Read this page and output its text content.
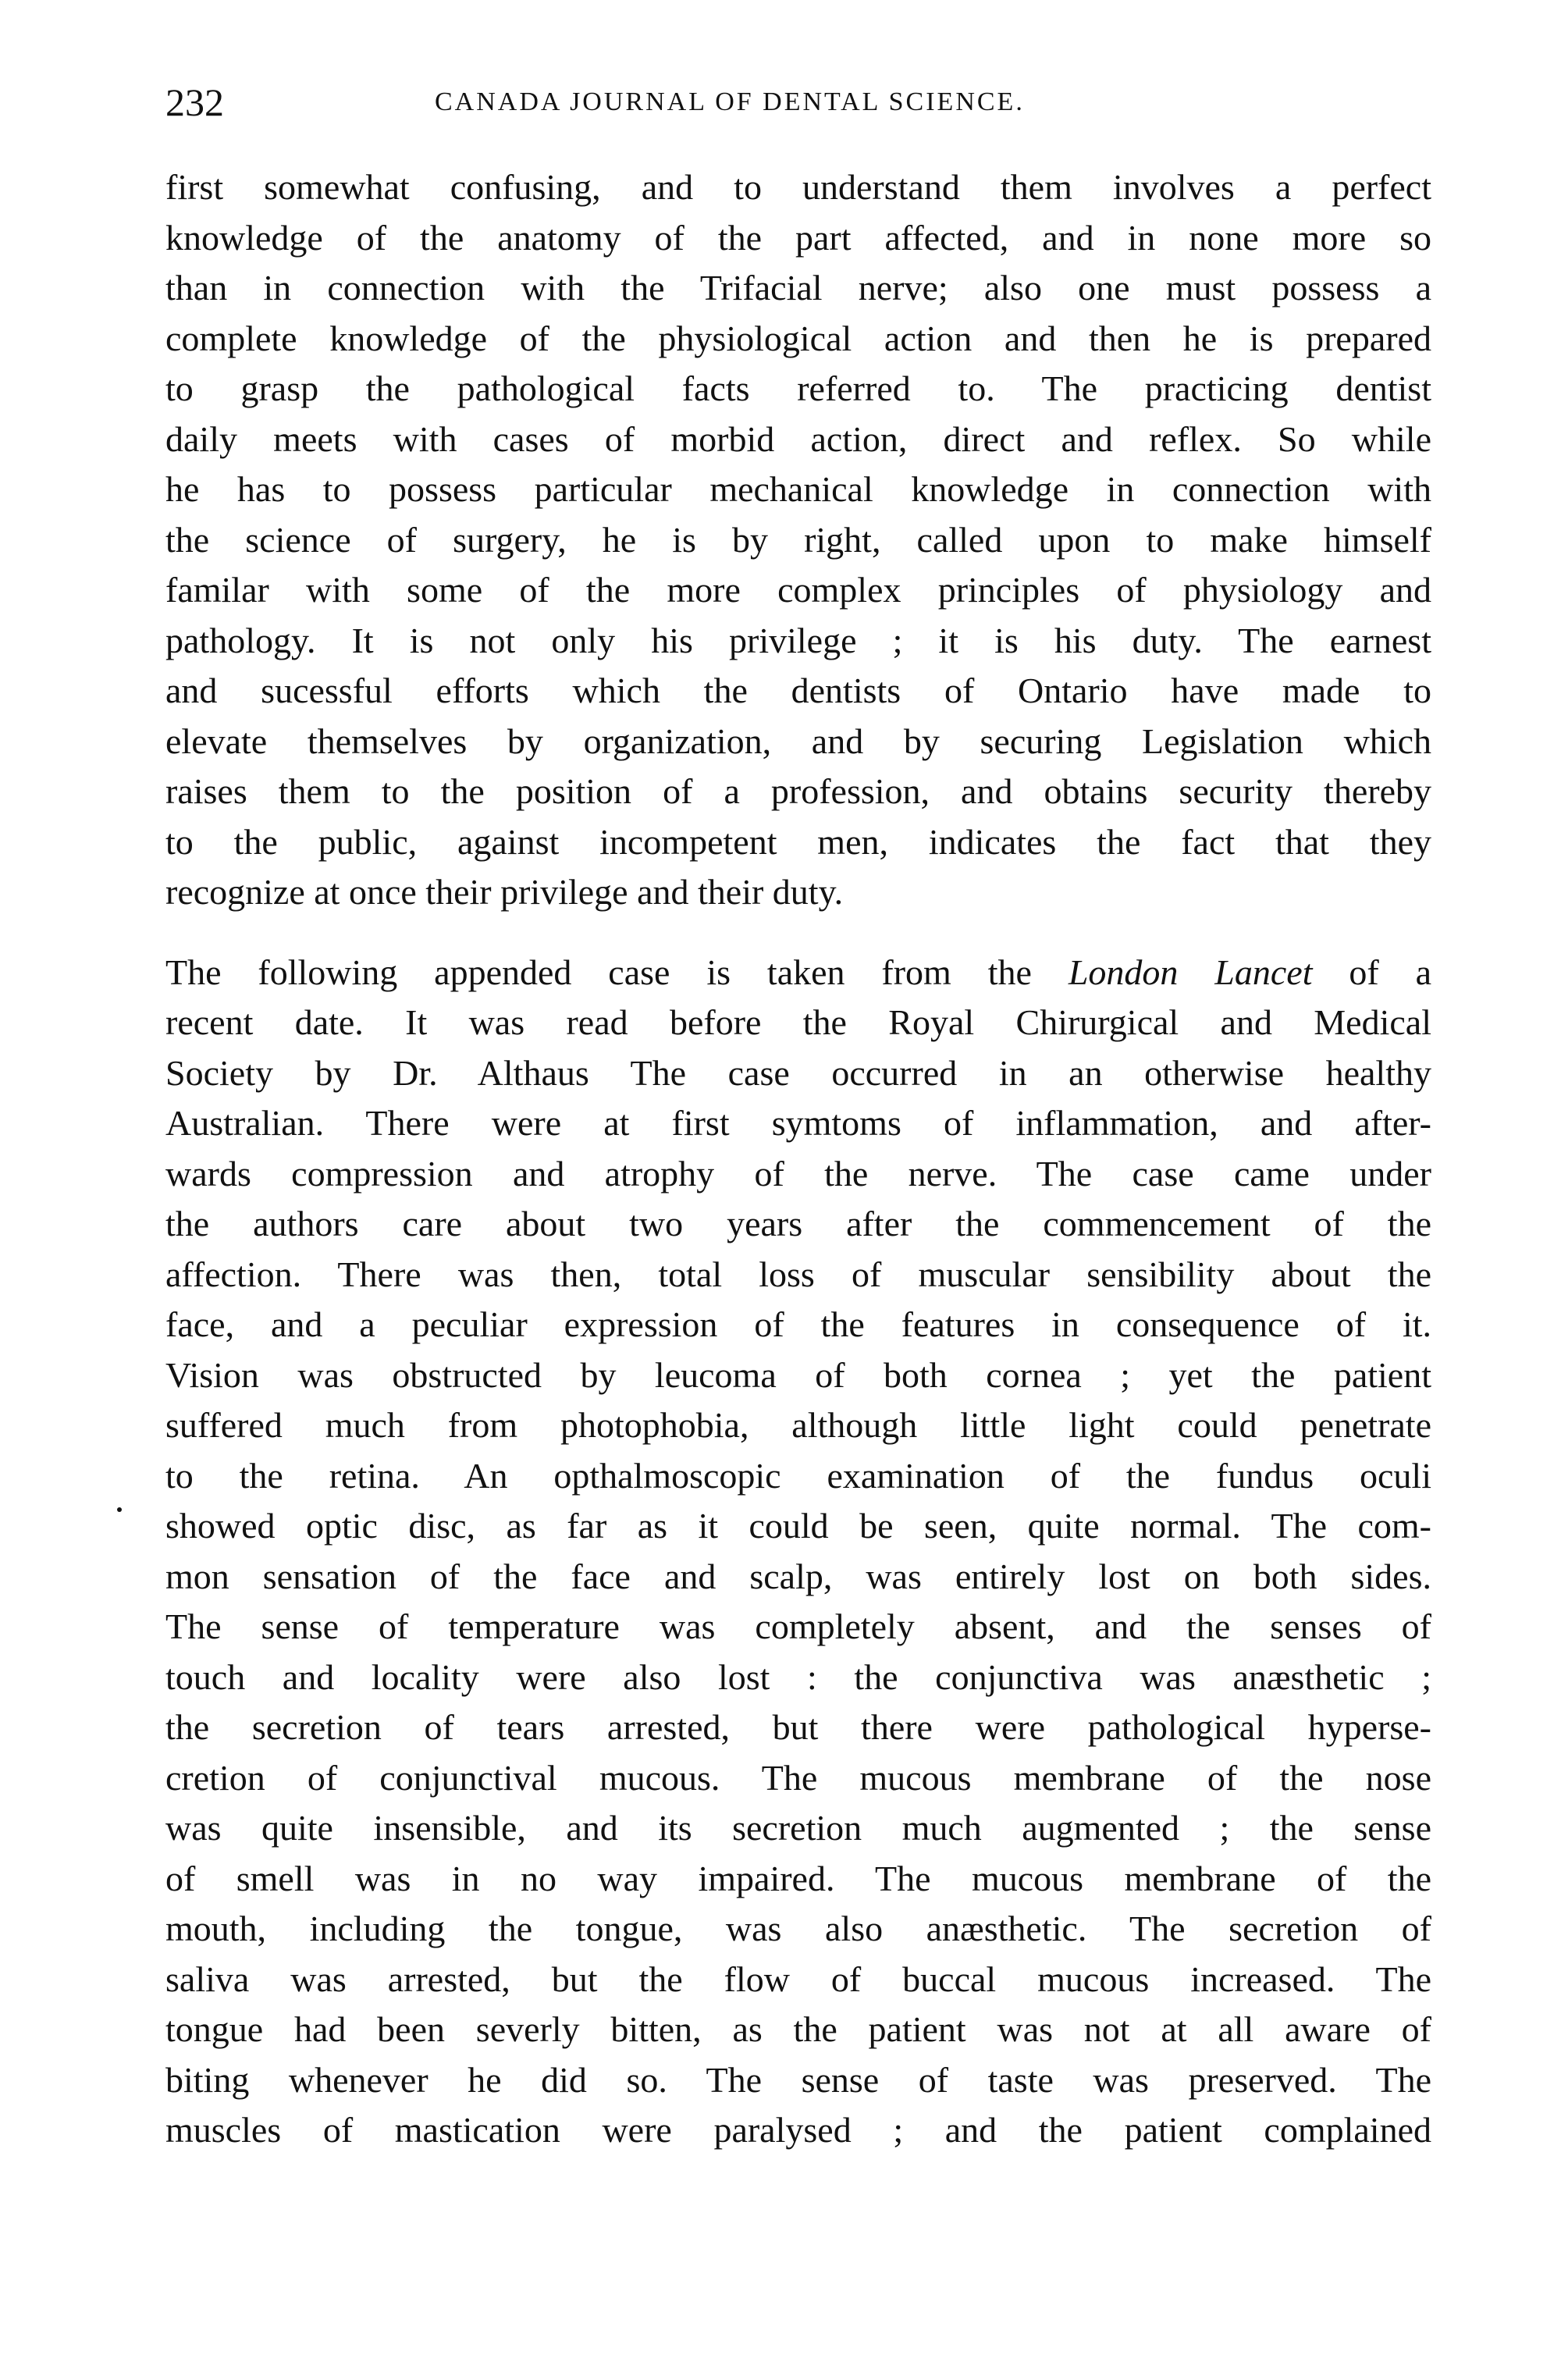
232	CANADA JOURNAL OF DENTAL SCIENCE.

first somewhat confusing, and to understand them involves a perfect
knowledge of the anatomy of the part affected, and in none more so
than in connection with the Trifacial nerve; also one must possess a
complete knowledge of the physiological action and then he is prepared
to grasp the pathological facts referred to. The practicing dentist
daily meets with cases of morbid action, direct and reflex. So while
he has to possess particular mechanical knowledge in connection with
the science of surgery, he is by right, called upon to make himself
familar with some of the more complex principles of physiology and
pathology. It is not only his privilege ; it is his duty. The earnest
and sucessful efforts which the dentists of Ontario have made to
elevate themselves by organization, and by securing Legislation which
raises them to the position of a profession, and obtains security thereby
to the public, against incompetent men, indicates the fact that they
recognize at once their privilege and their duty.

The following appended case is taken from the London Lancet of a
recent date. It was read before the Royal Chirurgical and Medical
Society by Dr. Althaus The case occurred in an otherwise healthy
Australian. There were at first symtoms of inflammation, and after-
wards compression and atrophy of the nerve. The case came under
the authors care about two years after the commencement of the
affection. There was then, total loss of muscular sensibility about the
face, and a peculiar expression of the features in consequence of it.
Vision was obstructed by leucoma of both cornea ; yet the patient
suffered much from photophobia, although little light could penetrate
to the retina. An opthalmoscopic examination of the fundus oculi
showed optic disc, as far as it could be seen, quite normal. The com-
mon sensation of the face and scalp, was entirely lost on both sides.
The sense of temperature was completely absent, and the senses of
touch and locality were also lost : the conjunctiva was anæsthetic ;
the secretion of tears arrested, but there were pathological hyperse-
cretion of conjunctival mucous. The mucous membrane of the nose
was quite insensible, and its secretion much augmented ; the sense
of smell was in no way impaired. The mucous membrane of the
mouth, including the tongue, was also anæsthetic. The secretion of
saliva was arrested, but the flow of buccal mucous increased. The
tongue had been severly bitten, as the patient was not at all aware of
biting whenever he did so. The sense of taste was preserved. The
muscles of mastication were paralysed ; and the patient complained
